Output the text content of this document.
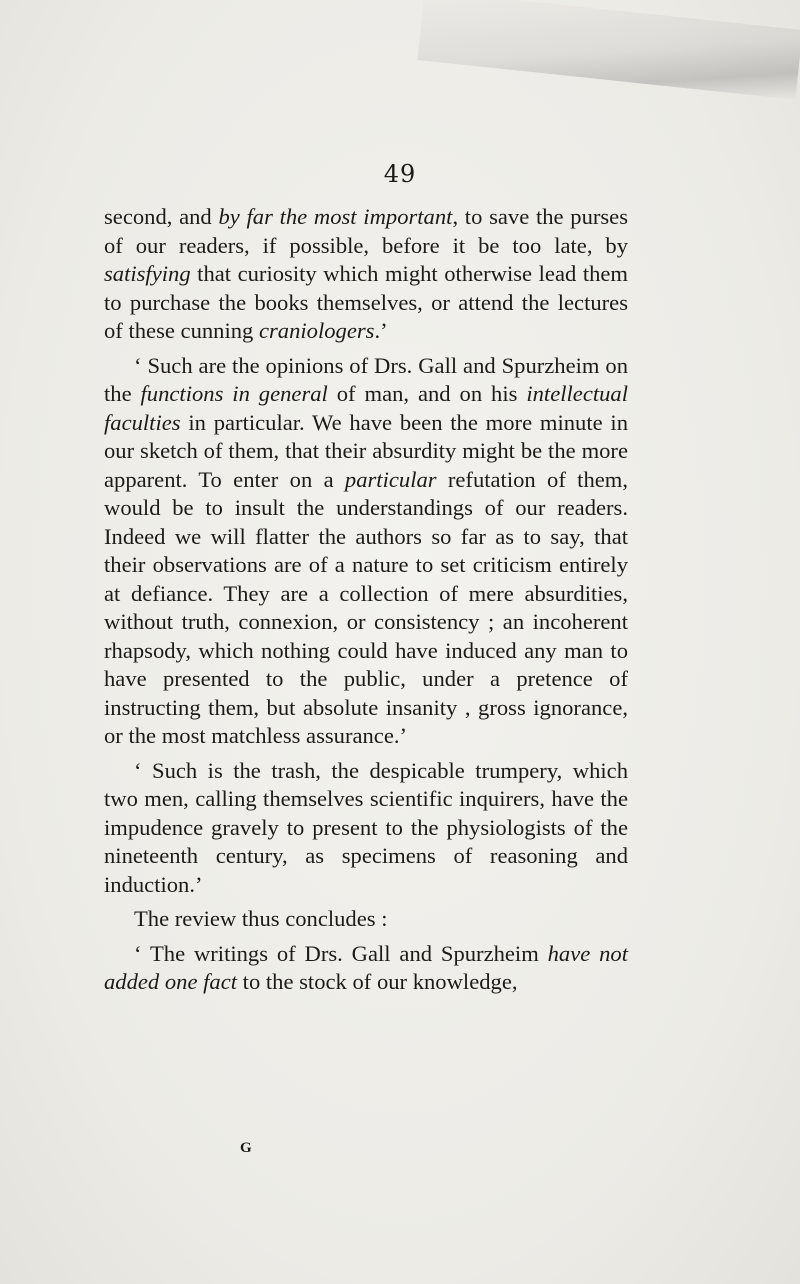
49

second, and by far the most important, to save the purses of our readers, if possible, before it be too late, by satisfying that curiosity which might otherwise lead them to purchase the books themselves, or attend the lectures of these cunning craniologers.’

‘ Such are the opinions of Drs. Gall and Spurzheim on the functions in general of man, and on his intellectual faculties in particular. We have been the more minute in our sketch of them, that their absurdity might be the more apparent. To enter on a particular refutation of them, would be to insult the understandings of our readers. Indeed we will flatter the authors so far as to say, that their observations are of a nature to set criticism entirely at defiance. They are a collection of mere absurdities, without truth, connexion, or consistency ; an incoherent rhapsody, which nothing could have induced any man to have presented to the public, under a pretence of instructing them, but absolute insanity , gross ignorance, or the most matchless assurance.’

‘ Such is the trash, the despicable trumpery, which two men, calling themselves scientific inquirers, have the impudence gravely to present to the physiologists of the nineteenth century, as specimens of reasoning and induction.’

The review thus concludes :

‘ The writings of Drs. Gall and Spurzheim have not added one fact to the stock of our knowledge,

G
